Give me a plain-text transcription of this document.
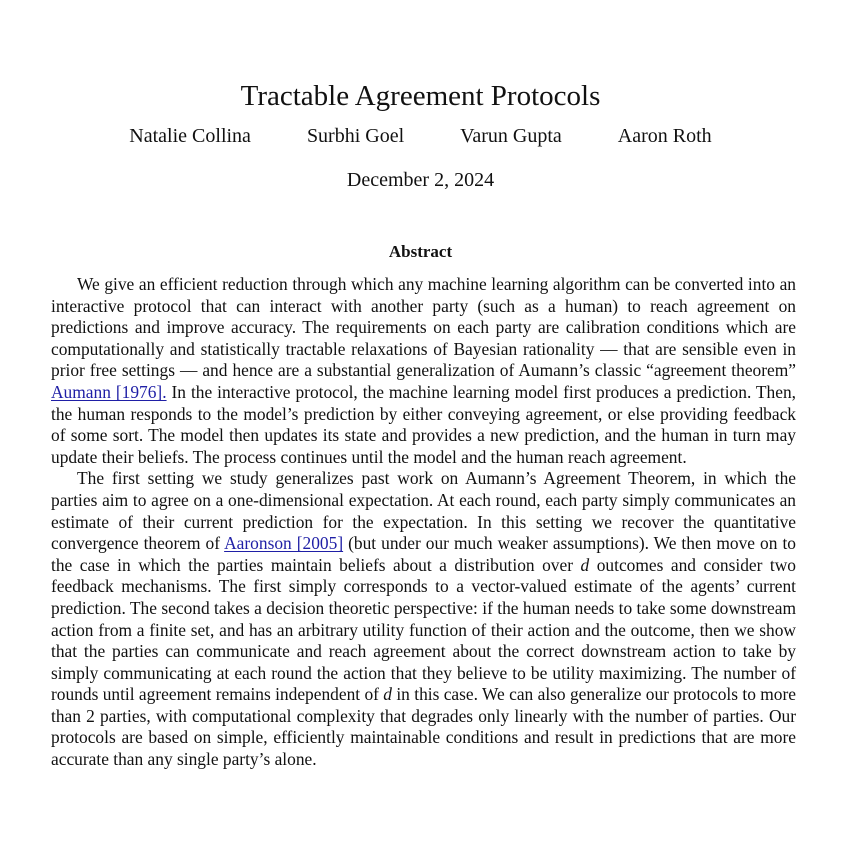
Tractable Agreement Protocols
Natalie Collina	Surbhi Goel	Varun Gupta	Aaron Roth
December 2, 2024
Abstract

We give an efficient reduction through which any machine learning algorithm can be converted into an interactive protocol that can interact with another party (such as a human) to reach agreement on predictions and improve accuracy. The requirements on each party are calibration conditions which are computationally and statistically tractable relaxations of Bayesian rationality — that are sensible even in prior free settings — and hence are a substantial generalization of Aumann’s classic “agreement theorem” Aumann [1976]. In the interactive protocol, the machine learning model first produces a prediction. Then, the human responds to the model’s prediction by either conveying agreement, or else providing feedback of some sort. The model then updates its state and provides a new prediction, and the human in turn may update their beliefs. The process continues until the model and the human reach agreement.

The first setting we study generalizes past work on Aumann’s Agreement Theorem, in which the parties aim to agree on a one-dimensional expectation. At each round, each party simply communicates an estimate of their current prediction for the expectation. In this setting we recover the quantitative convergence theorem of Aaronson [2005] (but under our much weaker assumptions). We then move on to the case in which the parties maintain beliefs about a distribution over d outcomes and consider two feedback mechanisms. The first simply corresponds to a vector-valued estimate of the agents’ current prediction. The second takes a decision theoretic perspective: if the human needs to take some downstream action from a finite set, and has an arbitrary utility function of their action and the outcome, then we show that the parties can communicate and reach agreement about the correct downstream action to take by simply communicating at each round the action that they believe to be utility maximizing. The number of rounds until agreement remains independent of d in this case. We can also generalize our protocols to more than 2 parties, with computational complexity that degrades only linearly with the number of parties. Our protocols are based on simple, efficiently maintainable conditions and result in predictions that are more accurate than any single party’s alone.
